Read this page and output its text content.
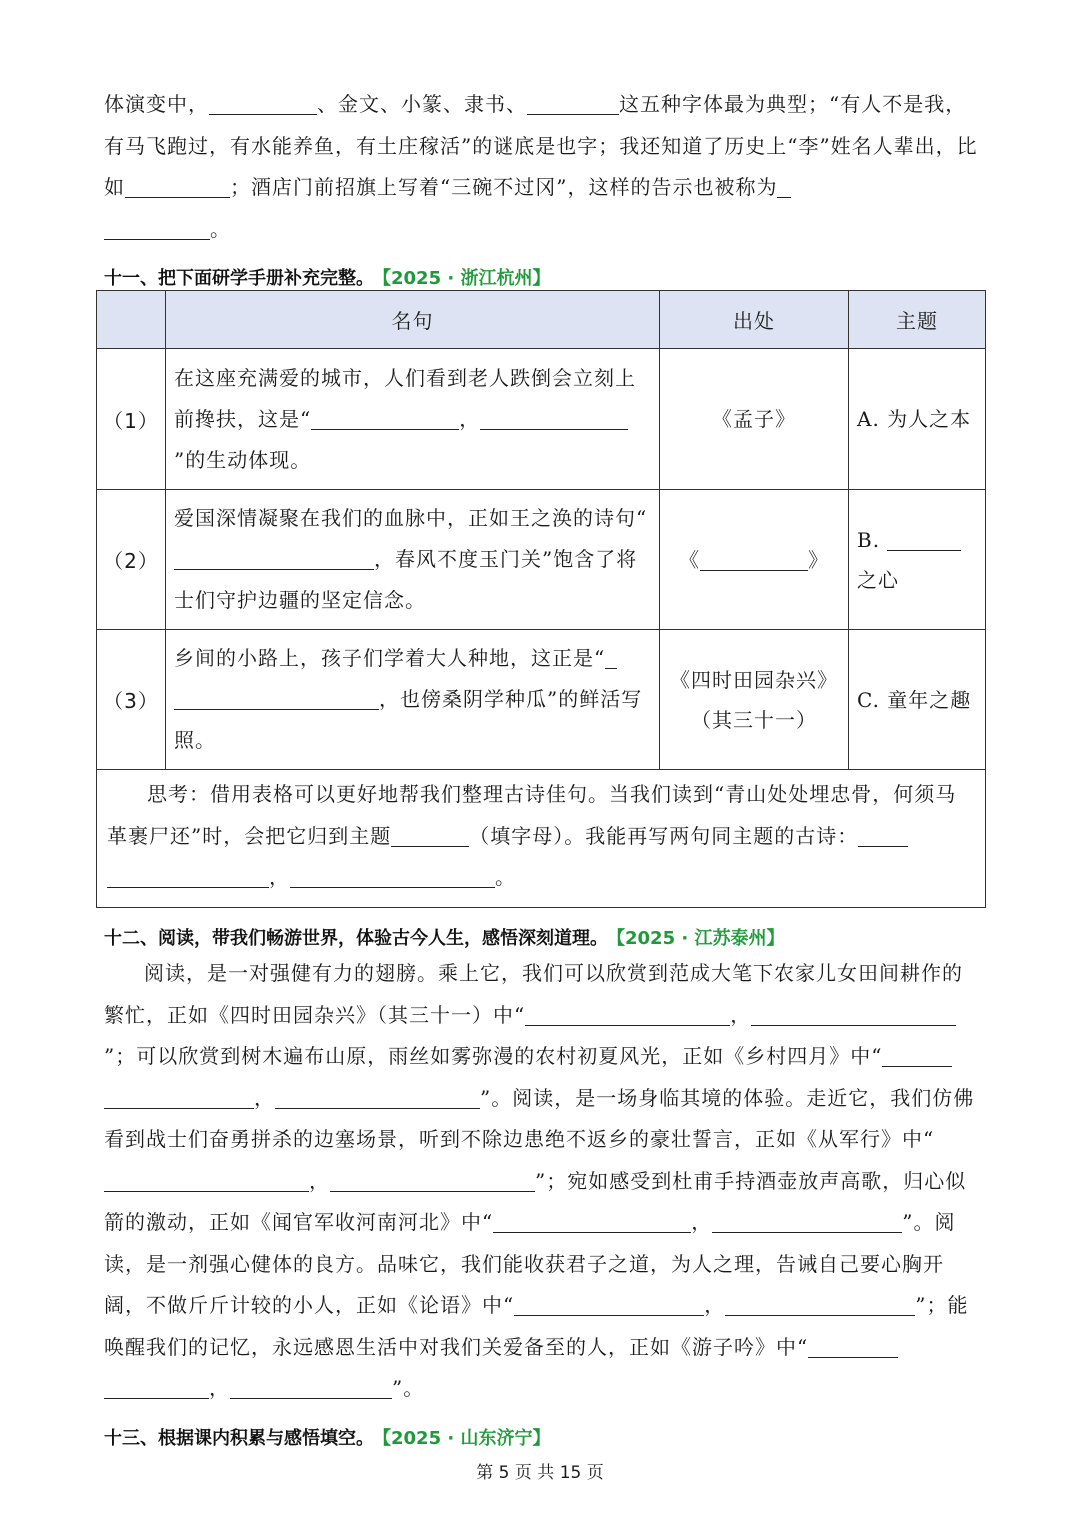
体演变中，	、金文、小篆、隶书、	这五种字体最为典型；“有人不是我，有马飞跑过，有水能养鱼，有土庄稼活”的谜底是也字；我还知道了历史上“李”姓名人辈出，比如	；酒店门前招旗上写着“三碗不过冈”，这样的告示也被称为
。
十一、把下面研学手册补充完整。 【2025 · 浙江杭州】
	名句	出处	主题
（1）	在这座充满爱的城市，人们看到老人跌倒会立刻上前搀扶，这是“ ，”的生动体现。	《孟子》	A. 为人之本
（2）	爱国深情凝聚在我们的血脉中，正如王之涣的诗句“，春风不度玉门关”饱含了将士们守护边疆的坚定信念。	《 》	B.
之心
（3）	乡间的小路上，孩子们学着大人种地，这正是“，也傍桑阴学种瓜”的鲜活写照。	《四时田园杂兴》
（其三十一）	C. 童年之趣
思考：借用表格可以更好地帮我们整理古诗佳句。当我们读到“青山处处埋忠骨，何须马革裹尸还”时，会把它归到主题 （填字母）。我能再写两句同主题的古诗：
， 。			
十二、阅读，带我们畅游世界，体验古今人生，感悟深刻道理。 【2025 · 江苏泰州】
阅读，是一对强健有力的翅膀。乘上它，我们可以欣赏到范成大笔下农家儿女田间耕作的繁忙，正如《四时田园杂兴》（其三十一）中“	，”；可以欣赏到树木遍布山原，雨丝如雾弥漫的农村初夏风光，正如《乡村四月》中“
，	”。阅读，是一场身临其境的体验。走近它，我们仿佛看到战士们奋勇拼杀的边塞场景，听到不除边患绝不返乡的豪壮誓言，正如《从军行》中“，	”；宛如感受到杜甫手持酒壶放声高歌，归心似箭的激动，正如《闻官军收河南河北》中“	，	”。阅读，是一剂强心健体的良方。品味它，我们能收获君子之道，为人之理，告诫自己要心胸开阔，不做斤斤计较的小人，正如《论语》中“	，	”；能唤醒我们的记忆，永远感恩生活中对我们关爱备至的人，正如《游子吟》中“
，	”。
十三、根据课内积累与感悟填空。 【2025 · 山东济宁】
第 5 页 共 15 页
